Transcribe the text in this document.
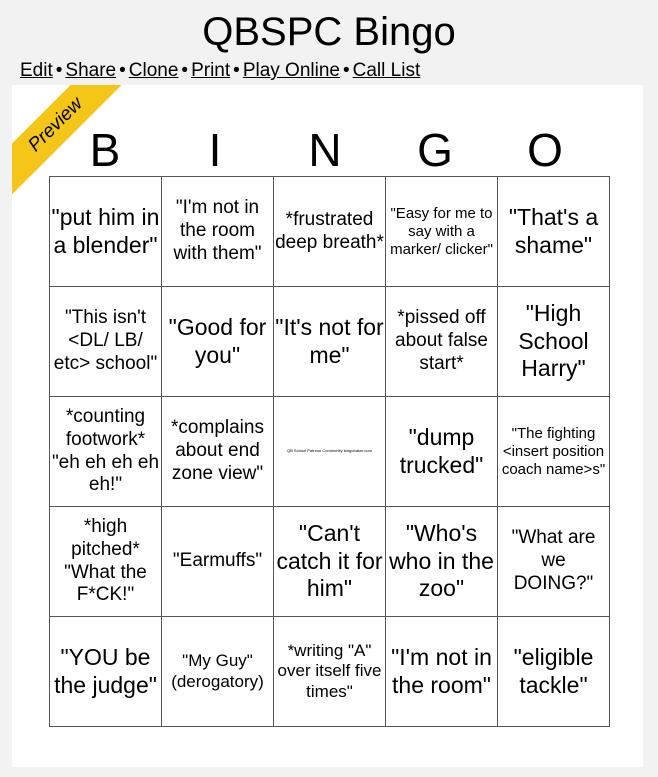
QBSPC Bingo
Edit • Share • Clone • Print • Play Online • Call List
Preview B	I	N	G	O
"put him in a blender"	"I'm not in the room with them"	*frustrated deep breath*	"Easy for me to say with a marker/ clicker"	"That's a shame"
"This isn't <DL/ LB/ etc> school"	"Good for you"	"It's not for me"	*pissed off about false start*	"High School Harry"
*counting footwork* "eh eh eh eh eh!"	*complains about end zone view"	QB School Patreon Community bingobaker.com	"dump trucked"	"The fighting <insert position coach name>s"
*high pitched* "What the F*CK!"	"Earmuffs"	"Can't catch it for him"	"Who's who in the zoo"	"What are we DOING?"
"YOU be the judge"	"My Guy" (derogatory)	*writing "A" over itself five times"	"I'm not in the room"	"eligible tackle"
